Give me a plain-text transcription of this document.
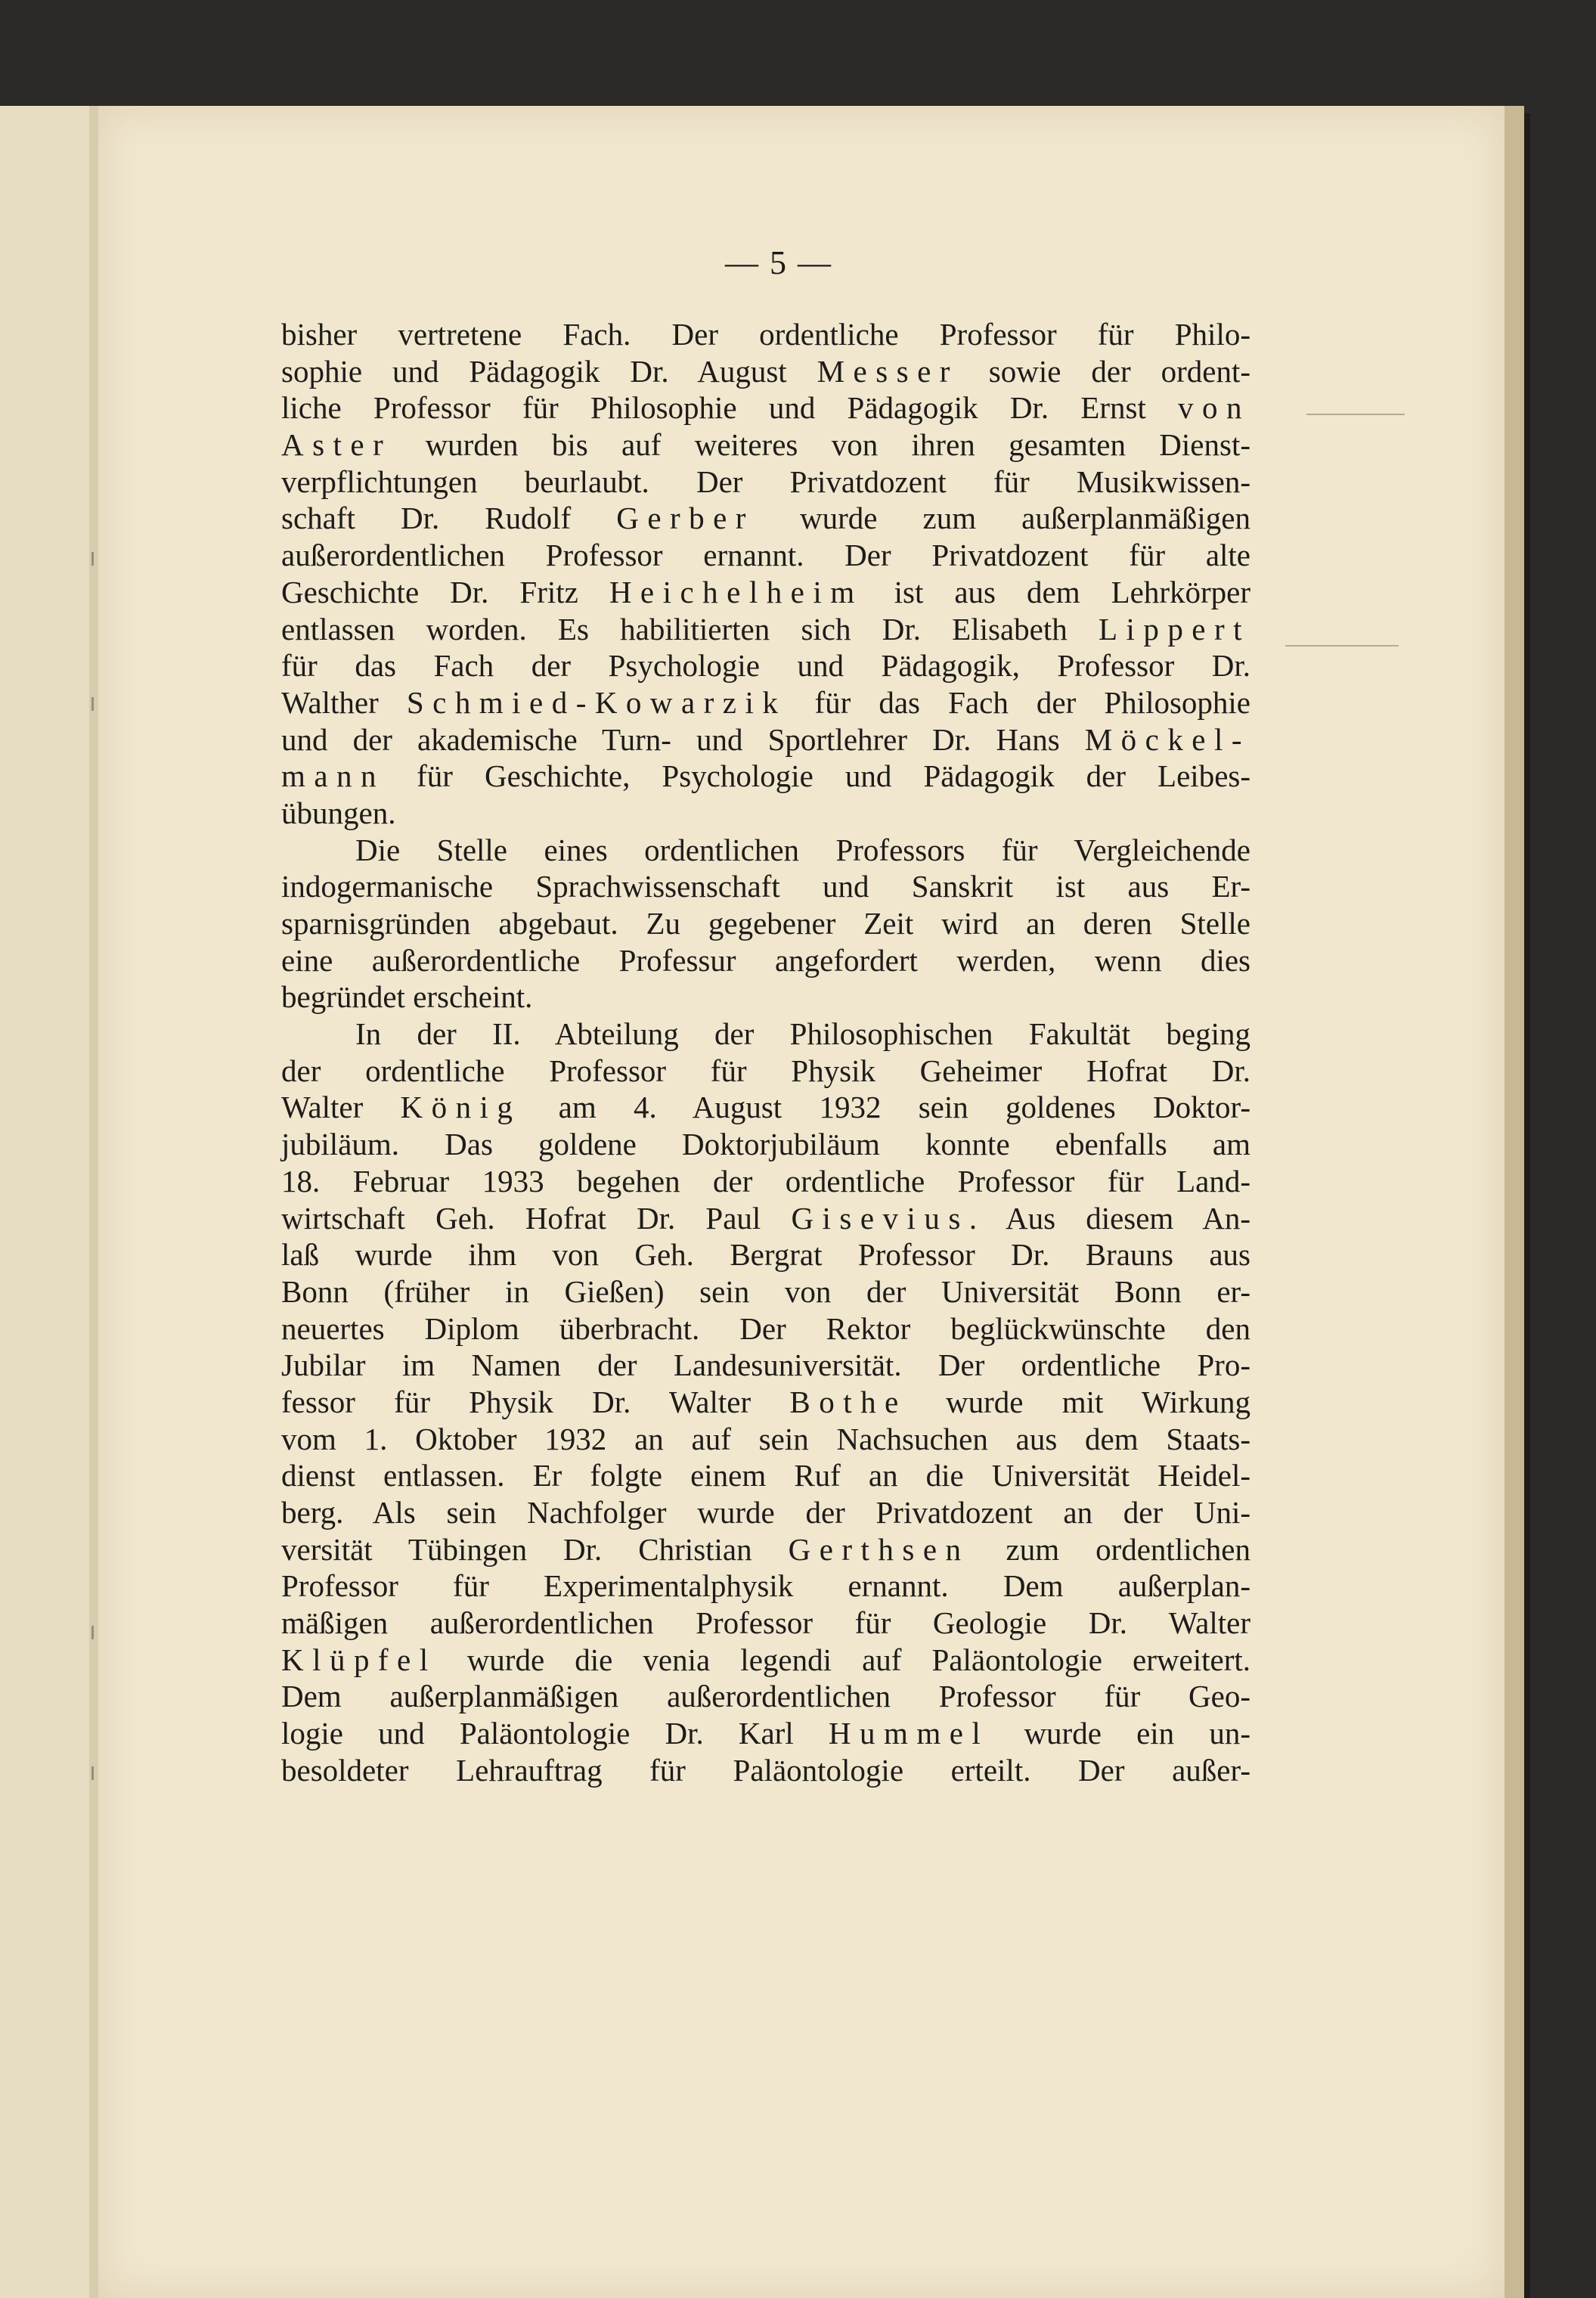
— 5 —
bisher vertretene Fach. Der ordentliche Professor für Philo-
sophie und Pädagogik Dr. August Messer sowie der ordent-
liche Professor für Philosophie und Pädagogik Dr. Ernst von
Aster wurden bis auf weiteres von ihren gesamten Dienst-
verpflichtungen beurlaubt. Der Privatdozent für Musikwissen-
schaft Dr. Rudolf Gerber wurde zum außerplanmäßigen
außerordentlichen Professor ernannt. Der Privatdozent für alte
Geschichte Dr. Fritz Heichelheim ist aus dem Lehrkörper
entlassen worden. Es habilitierten sich Dr. Elisabeth Lippert
für das Fach der Psychologie und Pädagogik, Professor Dr.
Walther Schmied-Kowarzik für das Fach der Philosophie
und der akademische Turn- und Sportlehrer Dr. Hans Möckel-
mann für Geschichte, Psychologie und Pädagogik der Leibes-
übungen.
Die Stelle eines ordentlichen Professors für Vergleichende
indogermanische Sprachwissenschaft und Sanskrit ist aus Er-
sparnisgründen abgebaut. Zu gegebener Zeit wird an deren Stelle
eine außerordentliche Professur angefordert werden, wenn dies
begründet erscheint.
In der II. Abteilung der Philosophischen Fakultät beging
der ordentliche Professor für Physik Geheimer Hofrat Dr.
Walter König am 4. August 1932 sein goldenes Doktor-
jubiläum. Das goldene Doktorjubiläum konnte ebenfalls am
18. Februar 1933 begehen der ordentliche Professor für Land-
wirtschaft Geh. Hofrat Dr. Paul Gisevius. Aus diesem An-
laß wurde ihm von Geh. Bergrat Professor Dr. Brauns aus
Bonn (früher in Gießen) sein von der Universität Bonn er-
neuertes Diplom überbracht. Der Rektor beglückwünschte den
Jubilar im Namen der Landesuniversität. Der ordentliche Pro-
fessor für Physik Dr. Walter Bothe wurde mit Wirkung
vom 1. Oktober 1932 an auf sein Nachsuchen aus dem Staats-
dienst entlassen. Er folgte einem Ruf an die Universität Heidel-
berg. Als sein Nachfolger wurde der Privatdozent an der Uni-
versität Tübingen Dr. Christian Gerthsen zum ordentlichen
Professor für Experimentalphysik ernannt. Dem außerplan-
mäßigen außerordentlichen Professor für Geologie Dr. Walter
Klüpfel wurde die venia legendi auf Paläontologie erweitert.
Dem außerplanmäßigen außerordentlichen Professor für Geo-
logie und Paläontologie Dr. Karl Hummel wurde ein un-
besoldeter Lehrauftrag für Paläontologie erteilt. Der außer-
